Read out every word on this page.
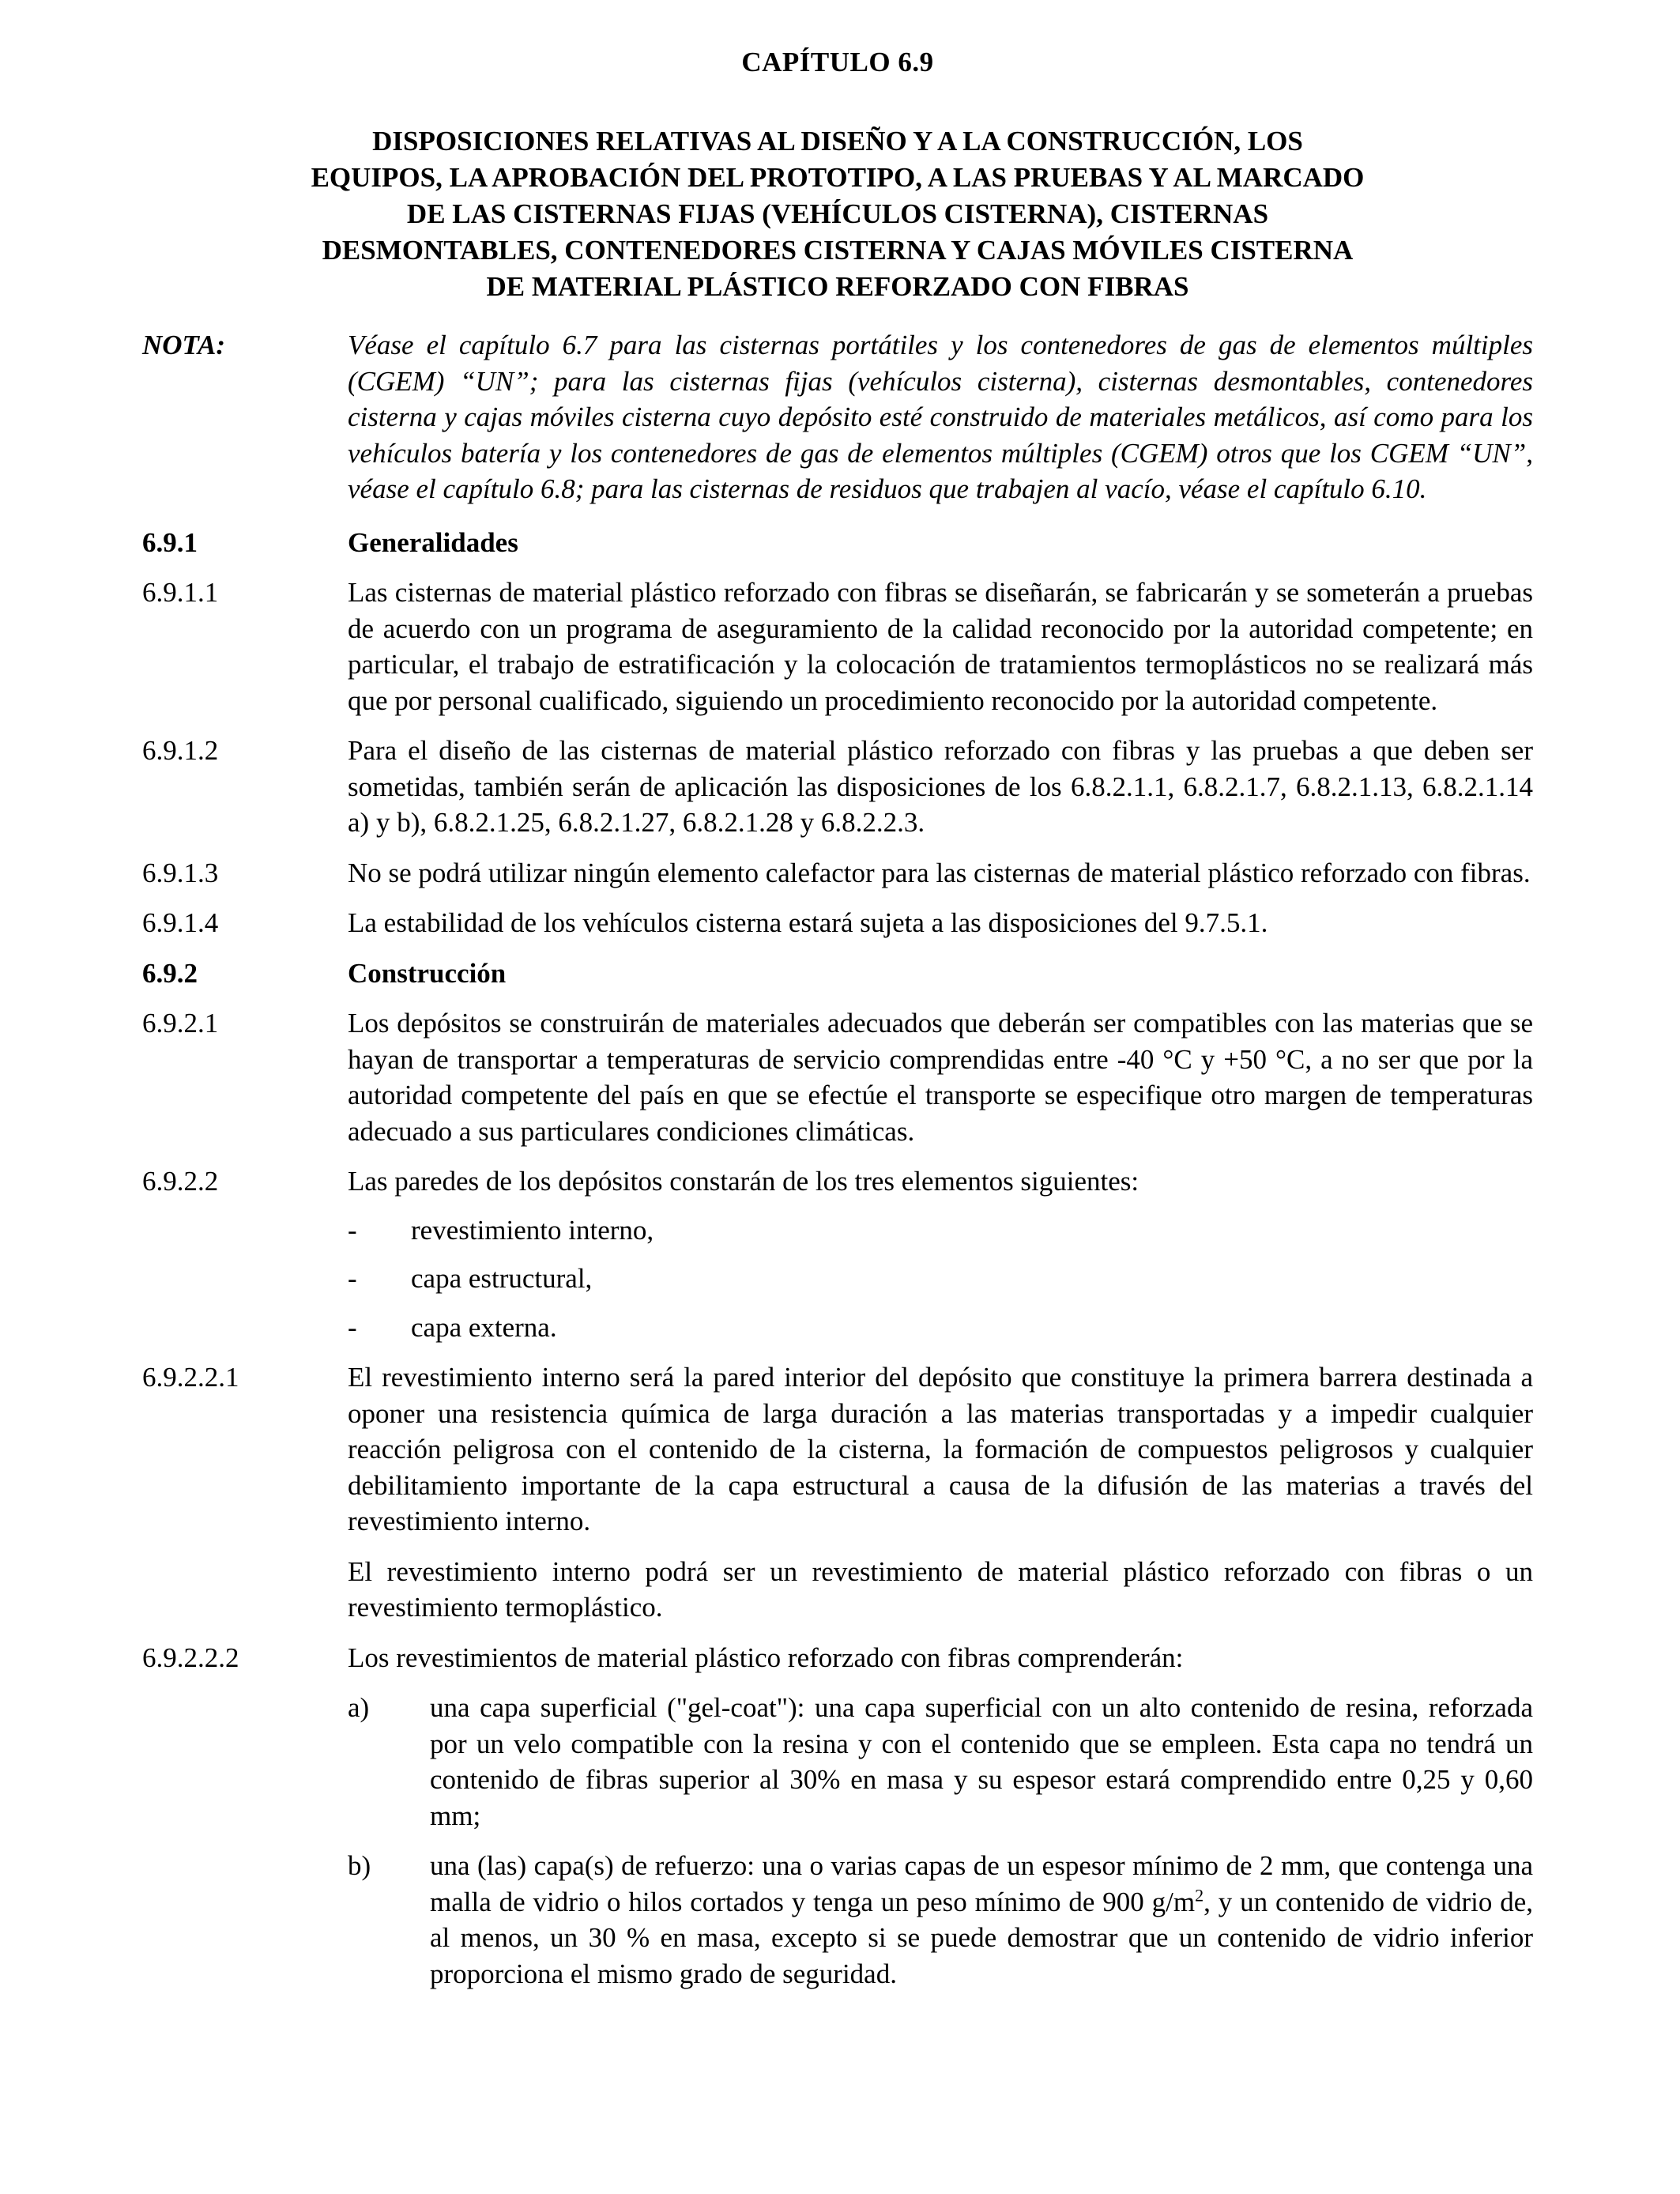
CAPÍTULO 6.9
DISPOSICIONES RELATIVAS AL DISEÑO Y A LA CONSTRUCCIÓN, LOS
EQUIPOS, LA APROBACIÓN DEL PROTOTIPO, A LAS PRUEBAS Y AL MARCADO
DE LAS CISTERNAS FIJAS (VEHÍCULOS CISTERNA), CISTERNAS
DESMONTABLES, CONTENEDORES CISTERNA Y CAJAS MÓVILES CISTERNA
DE MATERIAL PLÁSTICO REFORZADO CON FIBRAS
NOTA:	Véase el capítulo 6.7 para las cisternas portátiles y los contenedores de gas de elementos múltiples (CGEM) “UN”; para las cisternas fijas (vehículos cisterna), cisternas desmontables, contenedores cisterna y cajas móviles cisterna cuyo depósito esté construido de materiales metálicos, así como para los vehículos batería y los contenedores de gas de elementos múltiples (CGEM) otros que los CGEM “UN”, véase el capítulo 6.8; para las cisternas de residuos que trabajen al vacío, véase el capítulo 6.10.
6.9.1	Generalidades
6.9.1.1	Las cisternas de material plástico reforzado con fibras se diseñarán, se fabricarán y se someterán a pruebas de acuerdo con un programa de aseguramiento de la calidad reconocido por la autoridad competente; en particular, el trabajo de estratificación y la colocación de tratamientos termoplásticos no se realizará más que por personal cualificado, siguiendo un procedimiento reconocido por la autoridad competente.
6.9.1.2	Para el diseño de las cisternas de material plástico reforzado con fibras y las pruebas a que deben ser sometidas, también serán de aplicación las disposiciones de los 6.8.2.1.1, 6.8.2.1.7, 6.8.2.1.13, 6.8.2.1.14 a) y b), 6.8.2.1.25, 6.8.2.1.27, 6.8.2.1.28 y 6.8.2.2.3.
6.9.1.3	No se podrá utilizar ningún elemento calefactor para las cisternas de material plástico reforzado con fibras.
6.9.1.4	La estabilidad de los vehículos cisterna estará sujeta a las disposiciones del 9.7.5.1.
6.9.2	Construcción
6.9.2.1	Los depósitos se construirán de materiales adecuados que deberán ser compatibles con las materias que se hayan de transportar a temperaturas de servicio comprendidas entre -40 °C y +50 °C, a no ser que por la autoridad competente del país en que se efectúe el transporte se especifique otro margen de temperaturas adecuado a sus particulares condiciones climáticas.
6.9.2.2	Las paredes de los depósitos constarán de los tres elementos siguientes:
-	revestimiento interno,
-	capa estructural,
-	capa externa.
6.9.2.2.1	El revestimiento interno será la pared interior del depósito que constituye la primera barrera destinada a oponer una resistencia química de larga duración a las materias transportadas y a impedir cualquier reacción peligrosa con el contenido de la cisterna, la formación de compuestos peligrosos y cualquier debilitamiento importante de la capa estructural a causa de la difusión de las materias a través del revestimiento interno.
El revestimiento interno podrá ser un revestimiento de material plástico reforzado con fibras o un revestimiento termoplástico.
6.9.2.2.2	Los revestimientos de material plástico reforzado con fibras comprenderán:
a)	una capa superficial ("gel-coat"): una capa superficial con un alto contenido de resina, reforzada por un velo compatible con la resina y con el contenido que se empleen. Esta capa no tendrá un contenido de fibras superior al 30% en masa y su espesor estará comprendido entre 0,25 y 0,60 mm;
b)	una (las) capa(s) de refuerzo: una o varias capas de un espesor mínimo de 2 mm, que contenga una malla de vidrio o hilos cortados y tenga un peso mínimo de 900 $g/m^2$, y un contenido de vidrio de, al menos, un 30 % en masa, excepto si se puede demostrar que un contenido de vidrio inferior proporciona el mismo grado de seguridad.
